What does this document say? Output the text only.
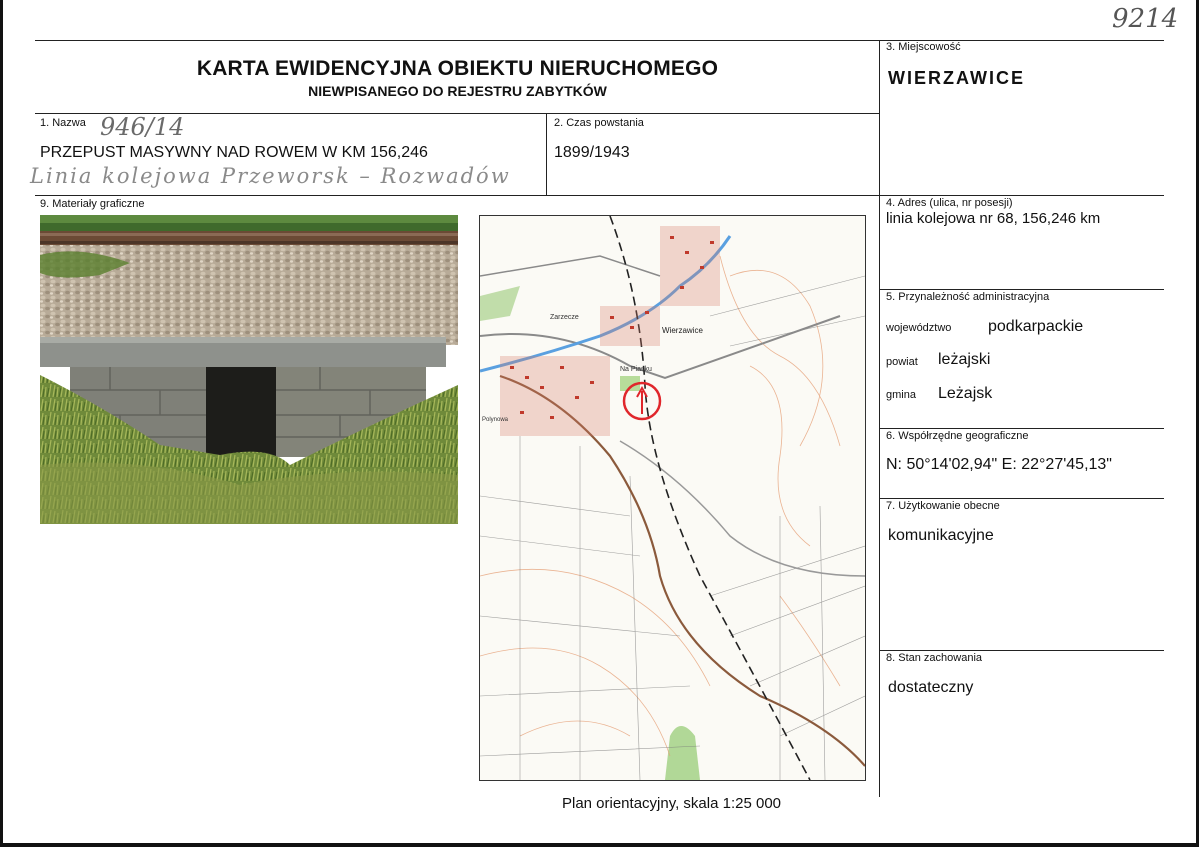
9214
KARTA EWIDENCYJNA OBIEKTU NIERUCHOMEGO
NIEWPISANEGO DO REJESTRU ZABYTKÓW
3. Miejscowość
WIERZAWICE
1. Nazwa 946/14
PRZEPUST MASYWNY NAD ROWEM W KM 156,246
Linia kolejowa Przeworsk – Rozwadów
2. Czas powstania
1899/1943
9. Materiały graficzne	4. Adres (ulica, nr posesji)
linia kolejowa nr 68, 156,246 km
5. Przynależność administracyjna
województwo podkarpackie
powiat leżajski
gmina Leżajsk
6. Współrzędne geograficzne
N: 50°14'02,94" E: 22°27'45,13"
7. Użytkowanie obecne
komunikacyjne
8. Stan zachowania
dostateczny
Zarzecze
Wierzawice
Na Piasku
Polynowa
Plan orientacyjny, skala 1:25 000
